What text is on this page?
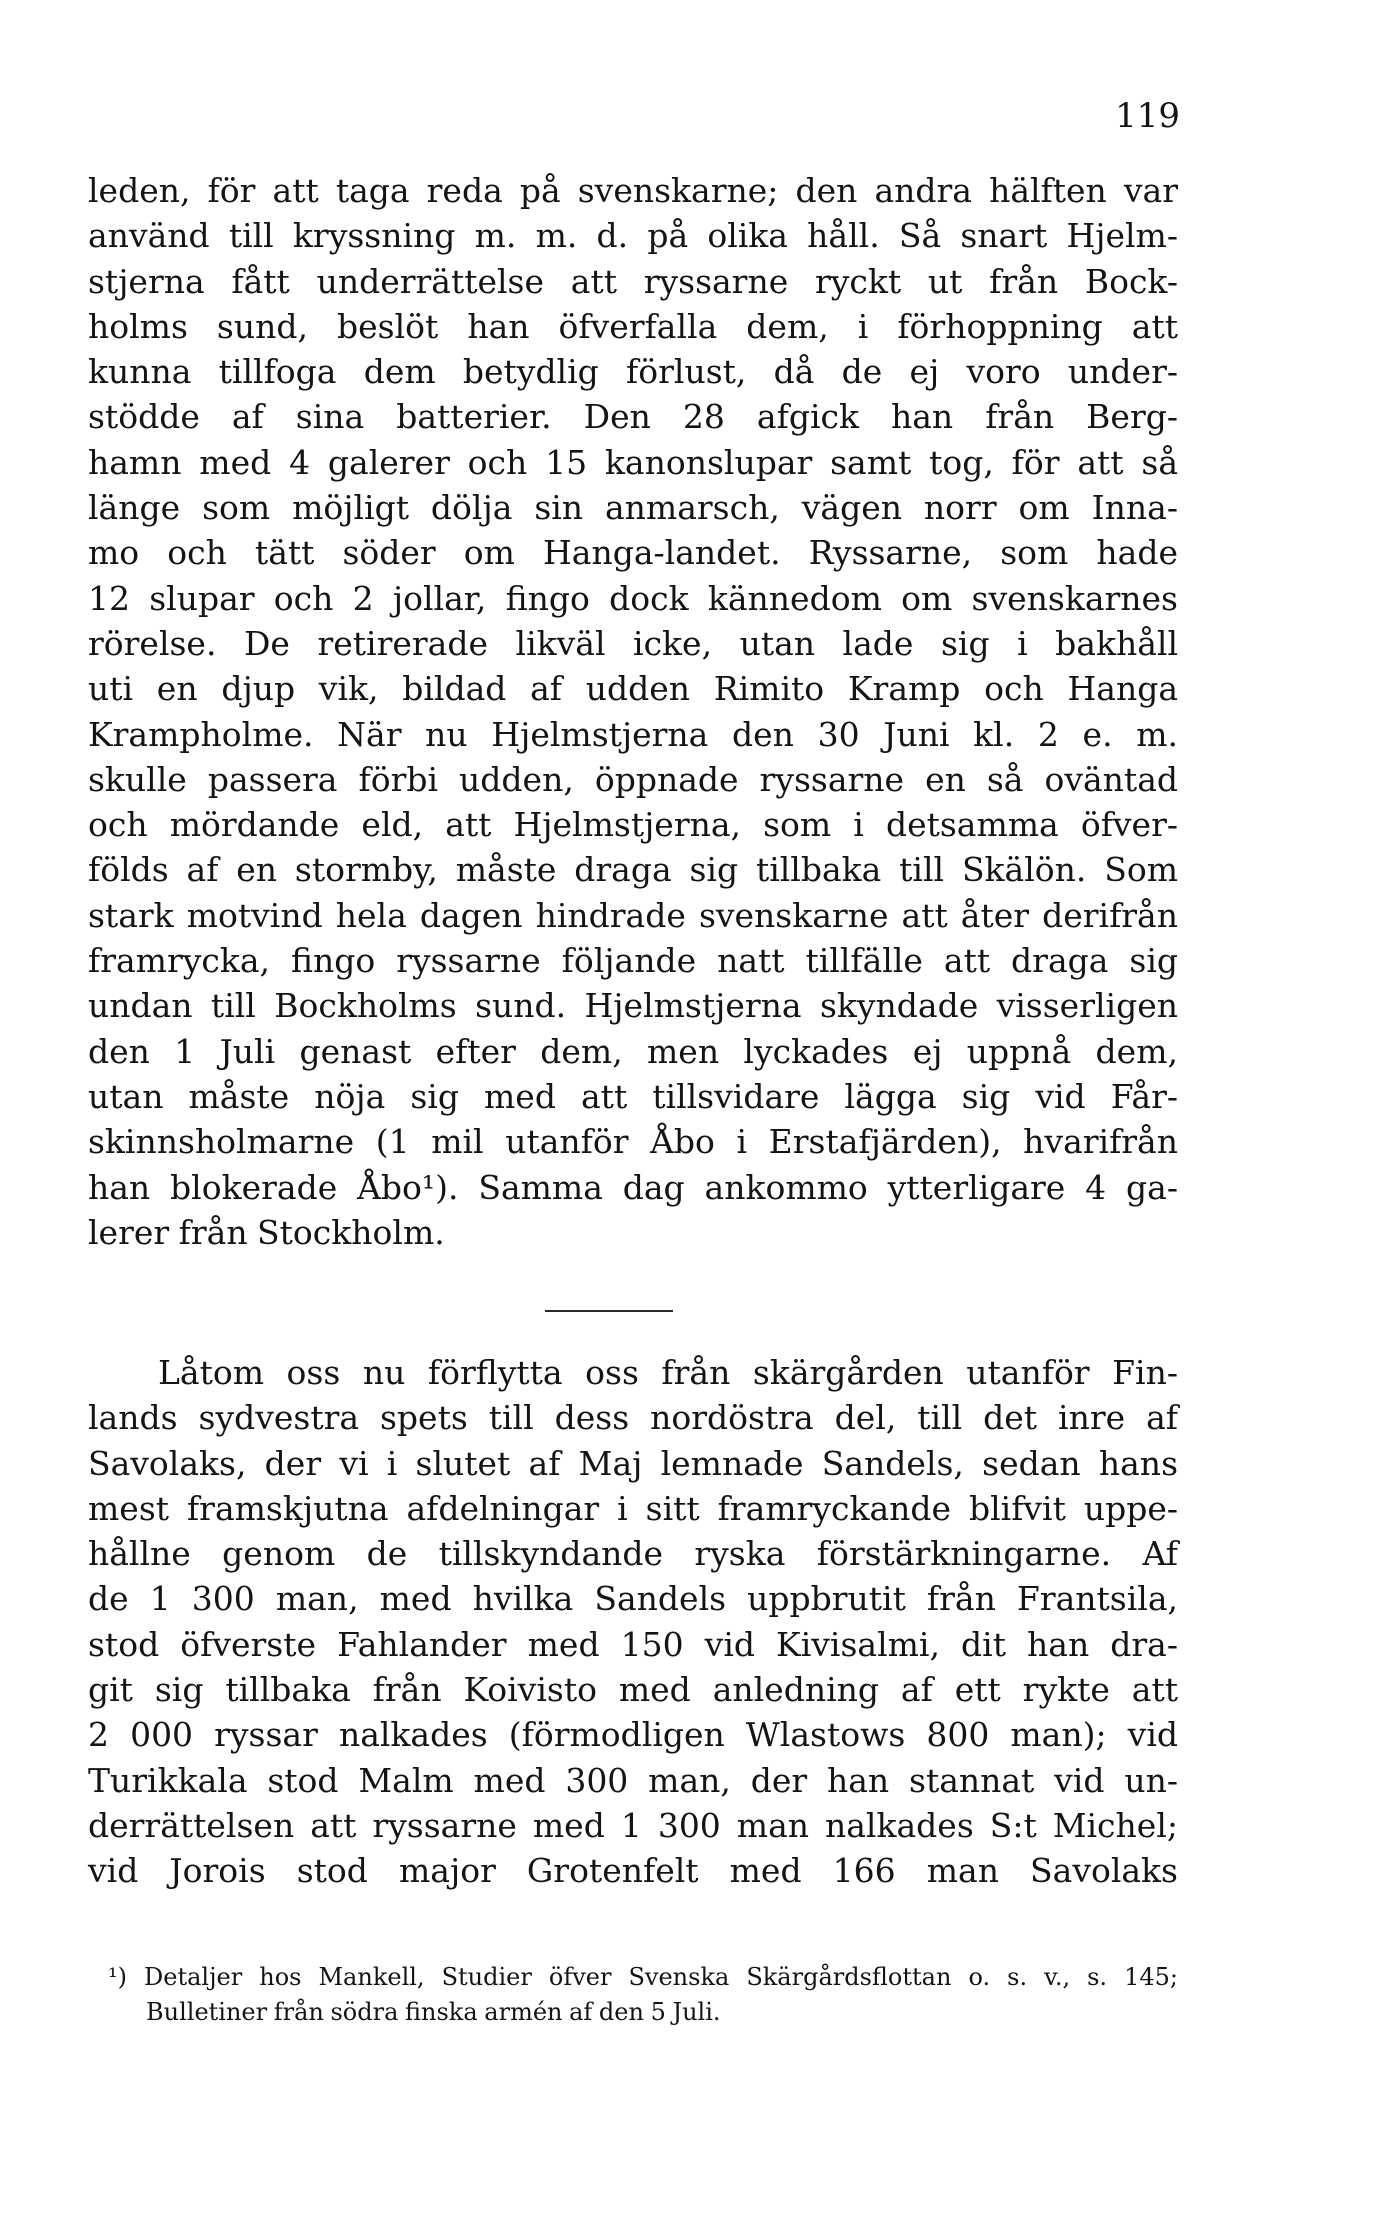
119
leden, för att taga reda på svenskarne; den andra hälften var
använd till kryssning m. m. d. på olika håll. Så snart Hjelm-
stjerna fått underrättelse att ryssarne ryckt ut från Bock-
holms sund, beslöt han öfverfalla dem, i förhoppning att
kunna tillfoga dem betydlig förlust, då de ej voro under-
stödde af sina batterier. Den 28 afgick han från Berg-
hamn med 4 galerer och 15 kanonslupar samt tog, för att så
länge som möjligt dölja sin anmarsch, vägen norr om Inna-
mo och tätt söder om Hanga-landet. Ryssarne, som hade
12 slupar och 2 jollar, fingo dock kännedom om svenskarnes
rörelse. De retirerade likväl icke, utan lade sig i bakhåll
uti en djup vik, bildad af udden Rimito Kramp och Hanga
Krampholme. När nu Hjelmstjerna den 30 Juni kl. 2 e. m.
skulle passera förbi udden, öppnade ryssarne en så oväntad
och mördande eld, att Hjelmstjerna, som i detsamma öfver-
földs af en stormby, måste draga sig tillbaka till Skälön. Som
stark motvind hela dagen hindrade svenskarne att åter derifrån
framrycka, fingo ryssarne följande natt tillfälle att draga sig
undan till Bockholms sund. Hjelmstjerna skyndade visserligen
den 1 Juli genast efter dem, men lyckades ej uppnå dem,
utan måste nöja sig med att tillsvidare lägga sig vid Får-
skinnsholmarne (1 mil utanför Åbo i Erstafjärden), hvarifrån
han blokerade Åbo¹). Samma dag ankommo ytterligare 4 ga-
lerer från Stockholm.
Låtom oss nu förflytta oss från skärgården utanför Fin-
lands sydvestra spets till dess nordöstra del, till det inre af
Savolaks, der vi i slutet af Maj lemnade Sandels, sedan hans
mest framskjutna afdelningar i sitt framryckande blifvit uppe-
hållne genom de tillskyndande ryska förstärkningarne. Af
de 1 300 man, med hvilka Sandels uppbrutit från Frantsila,
stod öfverste Fahlander med 150 vid Kivisalmi, dit han dra-
git sig tillbaka från Koivisto med anledning af ett rykte att
2 000 ryssar nalkades (förmodligen Wlastows 800 man); vid
Turikkala stod Malm med 300 man, der han stannat vid un-
derrättelsen att ryssarne med 1 300 man nalkades S:t Michel;
vid Jorois stod major Grotenfelt med 166 man Savolaks
¹) Detaljer hos Mankell, Studier öfver Svenska Skärgårdsflottan o. s. v., s. 145;
Bulletiner från södra finska armén af den 5 Juli.
